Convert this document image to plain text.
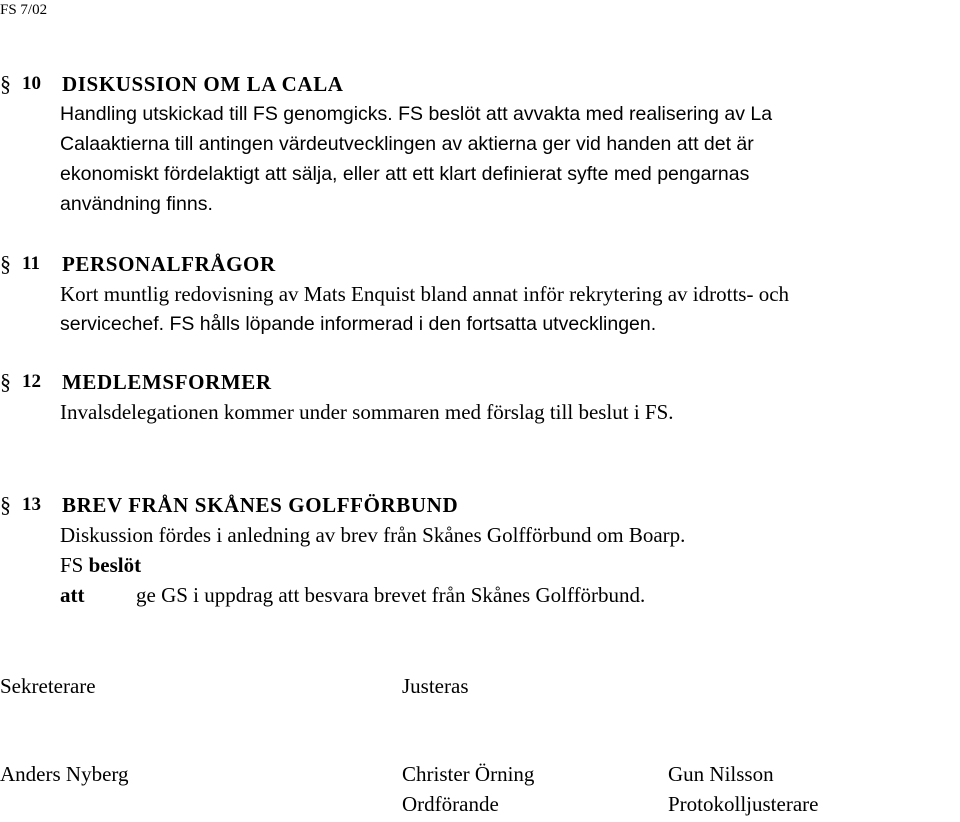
FS 7/02
§ 10 DISKUSSION OM LA CALA
Handling utskickad till FS genomgicks. FS beslöt att avvakta med realisering av La
Calaaktierna till antingen värdeutvecklingen av aktierna ger vid handen att det är
ekonomiskt fördelaktigt att sälja, eller att ett klart definierat syfte med pengarnas
användning finns.
§ 11 PERSONALFRÅGOR
Kort muntlig redovisning av Mats Enquist bland annat inför rekrytering av idrotts- och
servicechef. FS hålls löpande informerad i den fortsatta utvecklingen.
§ 12 MEDLEMSFORMER
Invalsdelegationen kommer under sommaren med förslag till beslut i FS.
§ 13 BREV FRÅN SKÅNES GOLFFÖRBUND
Diskussion fördes i anledning av brev från Skånes Golfförbund om Boarp.
FS beslöt
att ge GS i uppdrag att besvara brevet från Skånes Golfförbund.
Sekreterare	Justeras
Anders Nyberg	Christer Örning
Ordförande
Gun Nilsson
Protokolljusterare
